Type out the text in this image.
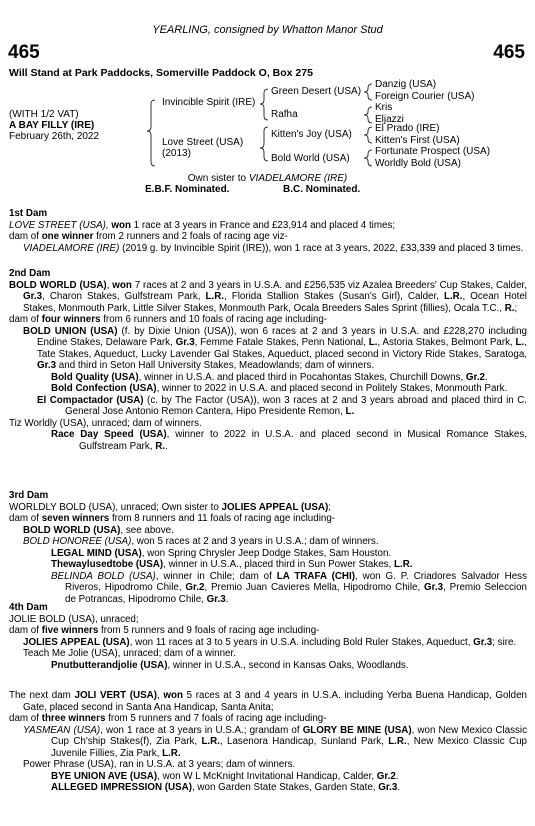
YEARLING, consigned by Whatton Manor Stud
465	465
Will Stand at Park Paddocks, Somerville Paddock O, Box 275
(WITH 1/2 VAT)
A BAY FILLY (IRE)
February 26th, 2022
Invincible Spirit (IRE)
Love Street (USA)
(2013)
Green Desert (USA)
Rafha
Kitten's Joy (USA)
Bold World (USA)
Danzig (USA)
Foreign Courier (USA)
Kris
Eljazzi
El Prado (IRE)
Kitten's First (USA)
Fortunate Prospect (USA)
Worldly Bold (USA)
Own sister to VIADELAMORE (IRE)
E.B.F. Nominated.	B.C. Nominated.

1st Dam

LOVE STREET (USA), won 1 race at 3 years in France and £23,914 and placed 4 times;

dam of one winner from 2 runners and 2 foals of racing age viz-

VIADELAMORE (IRE) (2019 g. by Invincible Spirit (IRE)), won 1 race at 3 years, 2022, £33,339 and placed 3 times.

2nd Dam

BOLD WORLD (USA), won 7 races at 2 and 3 years in U.S.A. and £256,535 viz Azalea Breeders' Cup Stakes, Calder, Gr.3, Charon Stakes, Gulfstream Park, L.R., Florida Stallion Stakes (Susan's Girl), Calder, L.R., Ocean Hotel Stakes, Monmouth Park, Little Silver Stakes, Monmouth Park, Ocala Breeders Sales Sprint (fillies), Ocala T.C., R.;

dam of four winners from 6 runners and 10 foals of racing age including-

BOLD UNION (USA) (f. by Dixie Union (USA)), won 6 races at 2 and 3 years in U.S.A. and £228,270 including Endine Stakes, Delaware Park, Gr.3, Femme Fatale Stakes, Penn National, L., Astoria Stakes, Belmont Park, L., Tate Stakes, Aqueduct, Lucky Lavender Gal Stakes, Aqueduct, placed second in Victory Ride Stakes, Saratoga, Gr.3 and third in Seton Hall University Stakes, Meadowlands; dam of winners.

Bold Quality (USA), winner in U.S.A. and placed third in Pocahontas Stakes, Churchill Downs, Gr.2.

Bold Confection (USA), winner to 2022 in U.S.A. and placed second in Politely Stakes, Monmouth Park.

El Compactador (USA) (c. by The Factor (USA)), won 3 races at 2 and 3 years abroad and placed third in C. General Jose Antonio Remon Cantera, Hipo Presidente Remon, L.

Tiz Worldly (USA), unraced; dam of winners.

Race Day Speed (USA), winner to 2022 in U.S.A. and placed second in Musical Romance Stakes, Gulfstream Park, R..

3rd Dam

WORLDLY BOLD (USA), unraced; Own sister to JOLIES APPEAL (USA);

dam of seven winners from 8 runners and 11 foals of racing age including-

BOLD WORLD (USA), see above.

BOLD HONOREE (USA), won 5 races at 2 and 3 years in U.S.A.; dam of winners.

LEGAL MIND (USA), won Spring Chrysler Jeep Dodge Stakes, Sam Houston.

Thewaylusedtobe (USA), winner in U.S.A., placed third in Sun Power Stakes, L.R.

BELINDA BOLD (USA), winner in Chile; dam of LA TRAFA (CHI), won G. P. Criadores Salvador Hess Riveros, Hipodromo Chile, Gr.2, Premio Juan Cavieres Mella, Hipodromo Chile, Gr.3, Premio Seleccion de Potrancas, Hipodromo Chile, Gr.3.

4th Dam

JOLIE BOLD (USA), unraced;

dam of five winners from 5 runners and 9 foals of racing age including-

JOLIES APPEAL (USA), won 11 races at 3 to 5 years in U.S.A. including Bold Ruler Stakes, Aqueduct, Gr.3; sire.

Teach Me Jolie (USA), unraced; dam of a winner.

Pnutbutterandjolie (USA), winner in U.S.A., second in Kansas Oaks, Woodlands.

The next dam JOLI VERT (USA), won 5 races at 3 and 4 years in U.S.A. including Yerba Buena Handicap, Golden Gate, placed second in Santa Ana Handicap, Santa Anita;

dam of three winners from 5 runners and 7 foals of racing age including-

YASMEAN (USA), won 1 race at 3 years in U.S.A.; grandam of GLORY BE MINE (USA), won New Mexico Classic Cup Ch'ship Stakes(f), Zia Park, L.R., Lasenora Handicap, Sunland Park, L.R., New Mexico Classic Cup Juvenile Fillies, Zia Park, L.R.

Power Phrase (USA), ran in U.S.A. at 3 years; dam of winners.

BYE UNION AVE (USA), won W L McKnight Invitational Handicap, Calder, Gr.2.

ALLEGED IMPRESSION (USA), won Garden State Stakes, Garden State, Gr.3.
